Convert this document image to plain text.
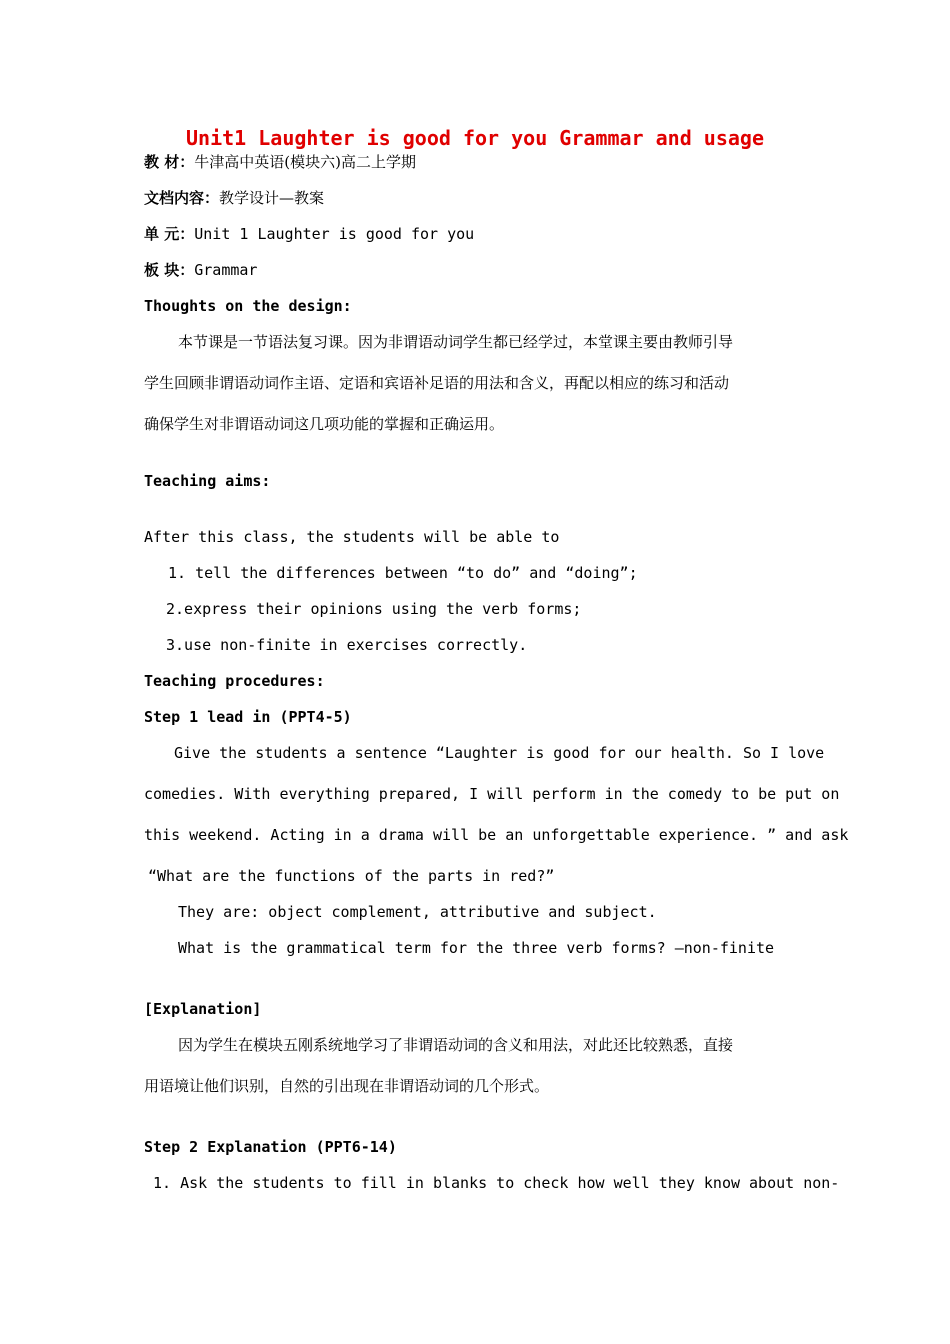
Unit1 Laughter is good for you Grammar and usage
教 材：牛津高中英语(模块六)高二上学期
文档内容：教学设计—教案
单 元：Unit 1 Laughter is good for you
板 块：Grammar
Thoughts on the design:
本节课是一节语法复习课。因为非谓语动词学生都已经学过，本堂课主要由教师引导
学生回顾非谓语动词作主语、定语和宾语补足语的用法和含义，再配以相应的练习和活动
确保学生对非谓语动词这几项功能的掌握和正确运用。
Teaching aims:
After this class, the students will be able to
1. tell the differences between “to do” and “doing”;
2.express their opinions using the verb forms;
3.use non-finite in exercises correctly.
Teaching procedures:
Step 1 lead in (PPT4-5)
Give the students a sentence “Laughter is good for our health. So I love
comedies. With everything prepared, I will perform in the comedy to be put on
this weekend. Acting in a drama will be an unforgettable experience. ” and ask
“What are the functions of the parts in red?”
They are: object complement, attributive and subject.
What is the grammatical term for the three verb forms? —non-finite
[Explanation]
因为学生在模块五刚系统地学习了非谓语动词的含义和用法，对此还比较熟悉，直接
用语境让他们识别，自然的引出现在非谓语动词的几个形式。
Step 2 Explanation (PPT6-14)
1. Ask the students to fill in blanks to check how well they know about non-
